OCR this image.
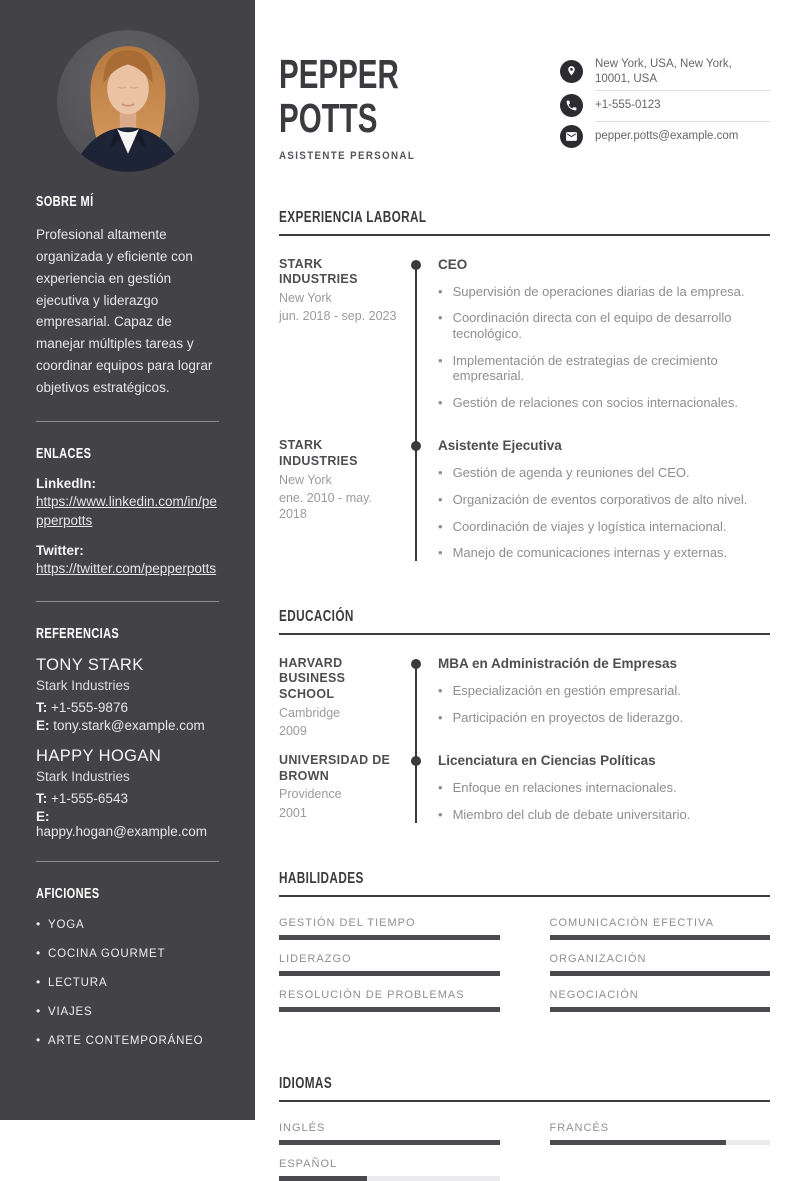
SOBRE MÍ

Profesional altamente organizada y eficiente con experiencia en gestión ejecutiva y liderazgo empresarial. Capaz de manejar múltiples tareas y coordinar equipos para lograr objetivos estratégicos.

ENLACES
LinkedIn:
https://www.linkedin.com/in/pepperpotts
Twitter:
https://twitter.com/pepperpotts
REFERENCIAS
TONY STARK
Stark Industries
T: +1-555-9876
E: tony.stark@example.com
HAPPY HOGAN
Stark Industries
T: +1-555-6543
E: happy.hogan@example.com
AFICIONES
• YOGA
• COCINA GOURMET
• LECTURA
• VIAJES
• ARTE CONTEMPORÁNEO
PEPPER
POTTS
ASISTENTE PERSONAL
New York, USA, New York, 10001, USA
+1-555-0123
pepper.potts@example.com
EXPERIENCIA LABORAL
STARK INDUSTRIES
New York
jun. 2018 - sep. 2023
CEO
• Supervisión de operaciones diarias de la empresa.
• Coordinación directa con el equipo de desarrollo tecnológico.
• Implementación de estrategias de crecimiento empresarial.
• Gestión de relaciones con socios internacionales.
STARK INDUSTRIES
New York
ene. 2010 - may. 2018
Asistente Ejecutiva
• Gestión de agenda y reuniones del CEO.
• Organización de eventos corporativos de alto nivel.
• Coordinación de viajes y logística internacional.
• Manejo de comunicaciones internas y externas.
EDUCACIÓN
HARVARD BUSINESS SCHOOL
Cambridge
2009
MBA en Administración de Empresas
• Especialización en gestión empresarial.
• Participación en proyectos de liderazgo.
UNIVERSIDAD DE BROWN
Providence
2001
Licenciatura en Ciencias Políticas
• Enfoque en relaciones internacionales.
• Miembro del club de debate universitario.
HABILIDADES
GESTIÓN DEL TIEMPO	COMUNICACIÓN EFECTIVA
LIDERAZGO	ORGANIZACIÓN
RESOLUCIÓN DE PROBLEMAS	NEGOCIACIÓN
IDIOMAS
INGLÉS	FRANCÉS
ESPAÑOL
